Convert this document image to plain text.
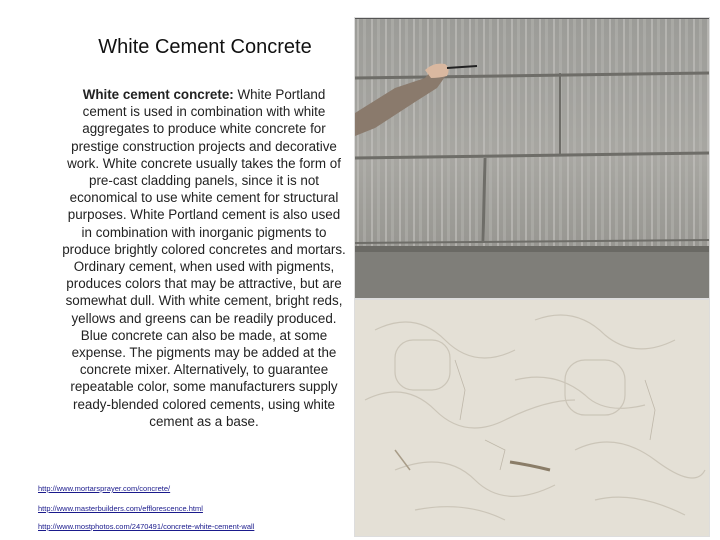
White Cement Concrete
White cement concrete: White Portland cement is used in combination with white aggregates to produce white concrete for prestige construction projects and decorative work. White concrete usually takes the form of pre-cast cladding panels, since it is not economical to use white cement for structural purposes. White Portland cement is also used in combination with inorganic pigments to produce brightly colored concretes and mortars. Ordinary cement, when used with pigments, produces colors that may be attractive, but are somewhat dull. With white cement, bright reds, yellows and greens can be readily produced. Blue concrete can also be made, at some expense. The pigments may be added at the concrete mixer. Alternatively, to guarantee repeatable color, some manufacturers supply ready-blended colored cements, using white cement as a base.
http://www.mortarsprayer.com/concrete/
http://www.masterbuilders.com/efflorescence.html
http://www.mostphotos.com/2470491/concrete-white-cement-wall
